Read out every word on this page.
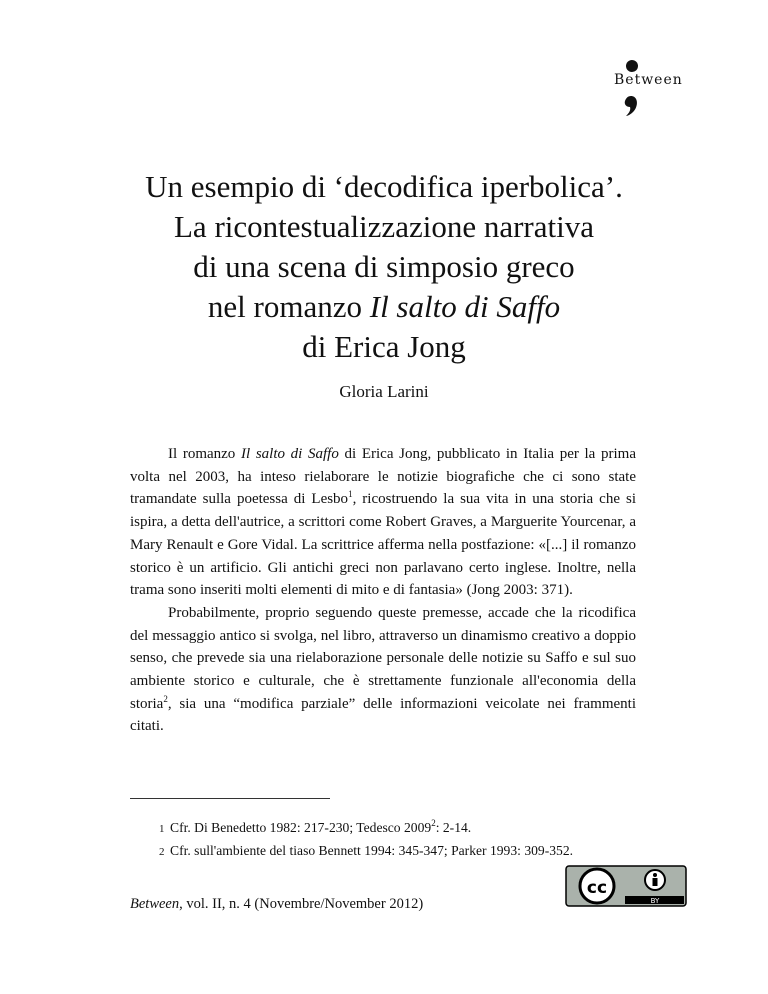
Between
Un esempio di ‘decodifica iperbolica’.
La ricontestualizzazione narrativa
di una scena di simposio greco
nel romanzo Il salto di Saffo
di Erica Jong
Gloria Larini

Il romanzo Il salto di Saffo di Erica Jong, pubblicato in Italia per la prima volta nel 2003, ha inteso rielaborare le notizie biografiche che ci sono state tramandate sulla poetessa di Lesbo$^1$, ricostruendo la sua vita in una storia che si ispira, a detta dell'autrice, a scrittori come Robert Graves, a Marguerite Yourcenar, a Mary Renault e Gore Vidal. La scrittrice afferma nella postfazione: «[...] il romanzo storico è un artificio. Gli antichi greci non parlavano certo inglese. Inoltre, nella trama sono inseriti molti elementi di mito e di fantasia» (Jong 2003: 371).

Probabilmente, proprio seguendo queste premesse, accade che la ricodifica del messaggio antico si svolga, nel libro, attraverso un dinamismo creativo a doppio senso, che prevede sia una rielaborazione personale delle notizie su Saffo e sul suo ambiente storico e culturale, che è strettamente funzionale all'economia della storia$^2$, sia una “modifica parziale” delle informazioni veicolate nei frammenti citati.

1 Cfr. Di Benedetto 1982: 217-230; Tedesco 2009$^2$: 2-14.
2 Cfr. sull'ambiente del tiaso Bennett 1994: 345-347; Parker 1993: 309-352.
Between, vol. II, n. 4 (Novembre/November 2012)
cc
BY
